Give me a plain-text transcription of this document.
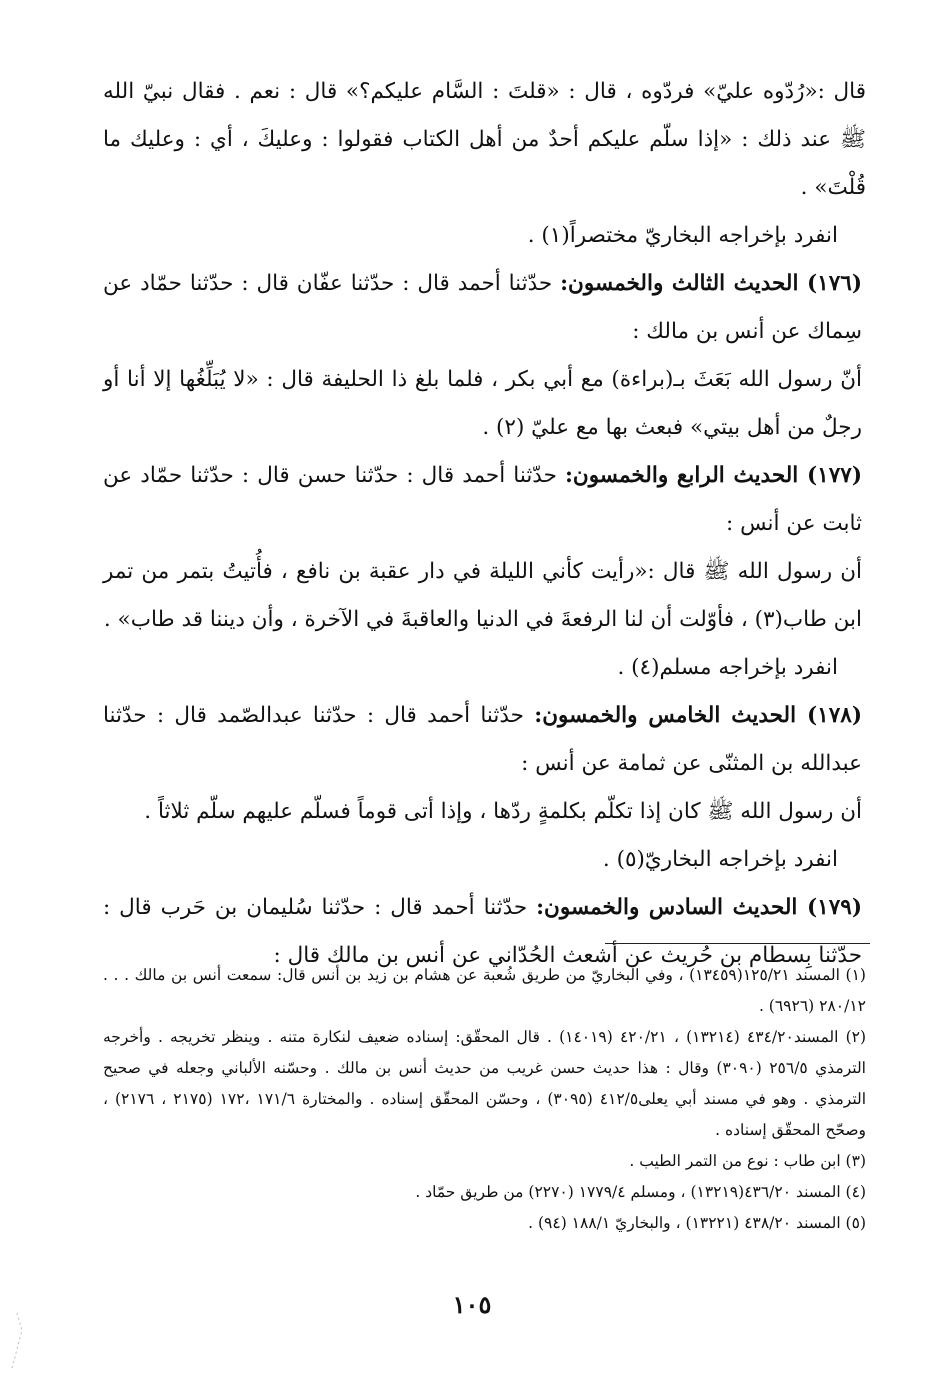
قال :«رُدّوه عليّ» فردّوه ، قال : «قلتَ : السَّام عليكم؟» قال : نعم . فقال نبيّ الله ﷺ عند ذلك : «إذا سلّم عليكم أحدٌ من أهل الكتاب فقولوا : وعليكَ ، أي : وعليك ما قُلْتَ» .

انفرد بإخراجه البخاريّ مختصراً(١) .

(١٧٦) الحديث الثالث والخمسون: حدّثنا أحمد قال : حدّثنا عفّان قال : حدّثنا حمّاد عن سِماك عن أنس بن مالك :

أنّ رسول الله بَعَثَ بـ(براءة) مع أبي بكر ، فلما بلغ ذا الحليفة قال : «لا يُبَلِّغُها إلا أنا أو رجلٌ من أهل بيتي» فبعث بها مع عليّ (٢) .

(١٧٧) الحديث الرابع والخمسون: حدّثنا أحمد قال : حدّثنا حسن قال : حدّثنا حمّاد عن ثابت عن أنس :

أن رسول الله ﷺ قال :«رأيت كأني الليلة في دار عقبة بن نافع ، فأُتيتُ بتمر من تمر ابن طاب(٣) ، فأوّلت أن لنا الرفعةَ في الدنيا والعاقبةَ في الآخرة ، وأن ديننا قد طاب» .

انفرد بإخراجه مسلم(٤) .

(١٧٨) الحديث الخامس والخمسون: حدّثنا أحمد قال : حدّثنا عبدالصّمد قال : حدّثنا عبدالله بن المثنّى عن ثمامة عن أنس :

أن رسول الله ﷺ كان إذا تكلّم بكلمةٍ ردّها ، وإذا أتى قوماً فسلّم عليهم سلّم ثلاثاً .

انفرد بإخراجه البخاريّ(٥) .

(١٧٩) الحديث السادس والخمسون: حدّثنا أحمد قال : حدّثنا سُليمان بن حَرب قال : حدّثنا بِسطام بن حُريث عن أشعث الحُدّاني عن أنس بن مالك قال :

(١) المسند ١٢٥/٢١(١٣٤٥٩) ، وفي البخاريّ من طريق شُعبة عن هشام بن زيد بن أنس قال: سمعت أنس بن مالك . . . ٢٨٠/١٢ (٦٩٢٦) .

(٢) المسند٤٣٤/٢٠ (١٣٢١٤) ، ٤٢٠/٢١ (١٤٠١٩) . قال المحقّق: إسناده ضعيف لنكارة متنه . وينظر تخريجه . وأخرجه الترمذي ٢٥٦/٥ (٣٠٩٠) وقال : هذا حديث حسن غريب من حديث أنس بن مالك . وحسّنه الألباني وجعله في صحيح الترمذي . وهو في مسند أبي يعلى٤١٢/٥ (٣٠٩٥) ، وحسّن المحقّق إسناده . والمختارة ١٧١/٦ ،١٧٢ (٢١٧٥ ، ٢١٧٦) ، وصحّح المحقّق إسناده .

(٣) ابن طاب : نوع من التمر الطيب .

(٤) المسند ٤٣٦/٢٠(١٣٢١٩) ، ومسلم ١٧٧٩/٤ (٢٢٧٠) من طريق حمّاد .

(٥) المسند ٤٣٨/٢٠ (١٣٢٢١) ، والبخاريّ ١٨٨/١ (٩٤) .

١٠٥
